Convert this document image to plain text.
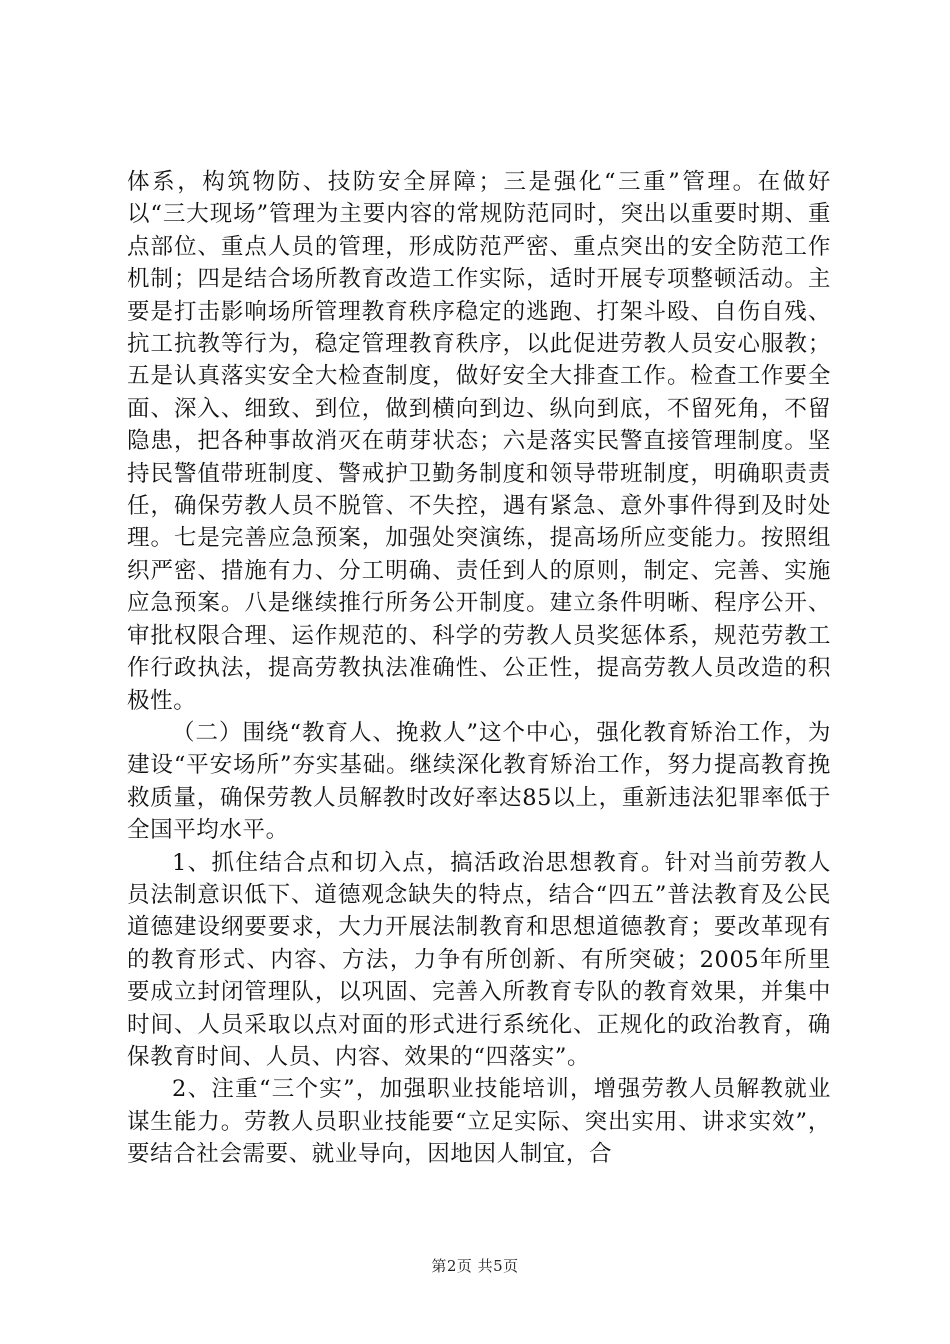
体系，构筑物防、技防安全屏障；三是强化“三重”管理。在做好以“三大现场”管理为主要内容的常规防范同时，突出以重要时期、重点部位、重点人员的管理，形成防范严密、重点突出的安全防范工作机制；四是结合场所教育改造工作实际，适时开展专项整顿活动。主要是打击影响场所管理教育秩序稳定的逃跑、打架斗殴、自伤自残、抗工抗教等行为，稳定管理教育秩序，以此促进劳教人员安心服教；五是认真落实安全大检查制度，做好安全大排查工作。检查工作要全面、深入、细致、到位，做到横向到边、纵向到底，不留死角，不留隐患，把各种事故消灭在萌芽状态；六是落实民警直接管理制度。坚持民警值带班制度、警戒护卫勤务制度和领导带班制度，明确职责责任，确保劳教人员不脱管、不失控，遇有紧急、意外事件得到及时处理。七是完善应急预案，加强处突演练，提高场所应变能力。按照组织严密、措施有力、分工明确、责任到人的原则，制定、完善、实施应急预案。八是继续推行所务公开制度。建立条件明晰、程序公开、审批权限合理、运作规范的、科学的劳教人员奖惩体系，规范劳教工作行政执法，提高劳教执法准确性、公正性，提高劳教人员改造的积极性。

（二）围绕“教育人、挽救人”这个中心，强化教育矫治工作，为建设“平安场所”夯实基础。继续深化教育矫治工作，努力提高教育挽救质量，确保劳教人员解教时改好率达85以上，重新违法犯罪率低于全国平均水平。

1、抓住结合点和切入点，搞活政治思想教育。针对当前劳教人员法制意识低下、道德观念缺失的特点，结合“四五”普法教育及公民道德建设纲要要求，大力开展法制教育和思想道德教育；要改革现有的教育形式、内容、方法，力争有所创新、有所突破；2005年所里要成立封闭管理队，以巩固、完善入所教育专队的教育效果，并集中时间、人员采取以点对面的形式进行系统化、正规化的政治教育，确保教育时间、人员、内容、效果的“四落实”。

2、注重“三个实”，加强职业技能培训，增强劳教人员解教就业谋生能力。劳教人员职业技能要“立足实际、突出实用、讲求实效”，要结合社会需要、就业导向，因地因人制宜，合

第2页 共5页
